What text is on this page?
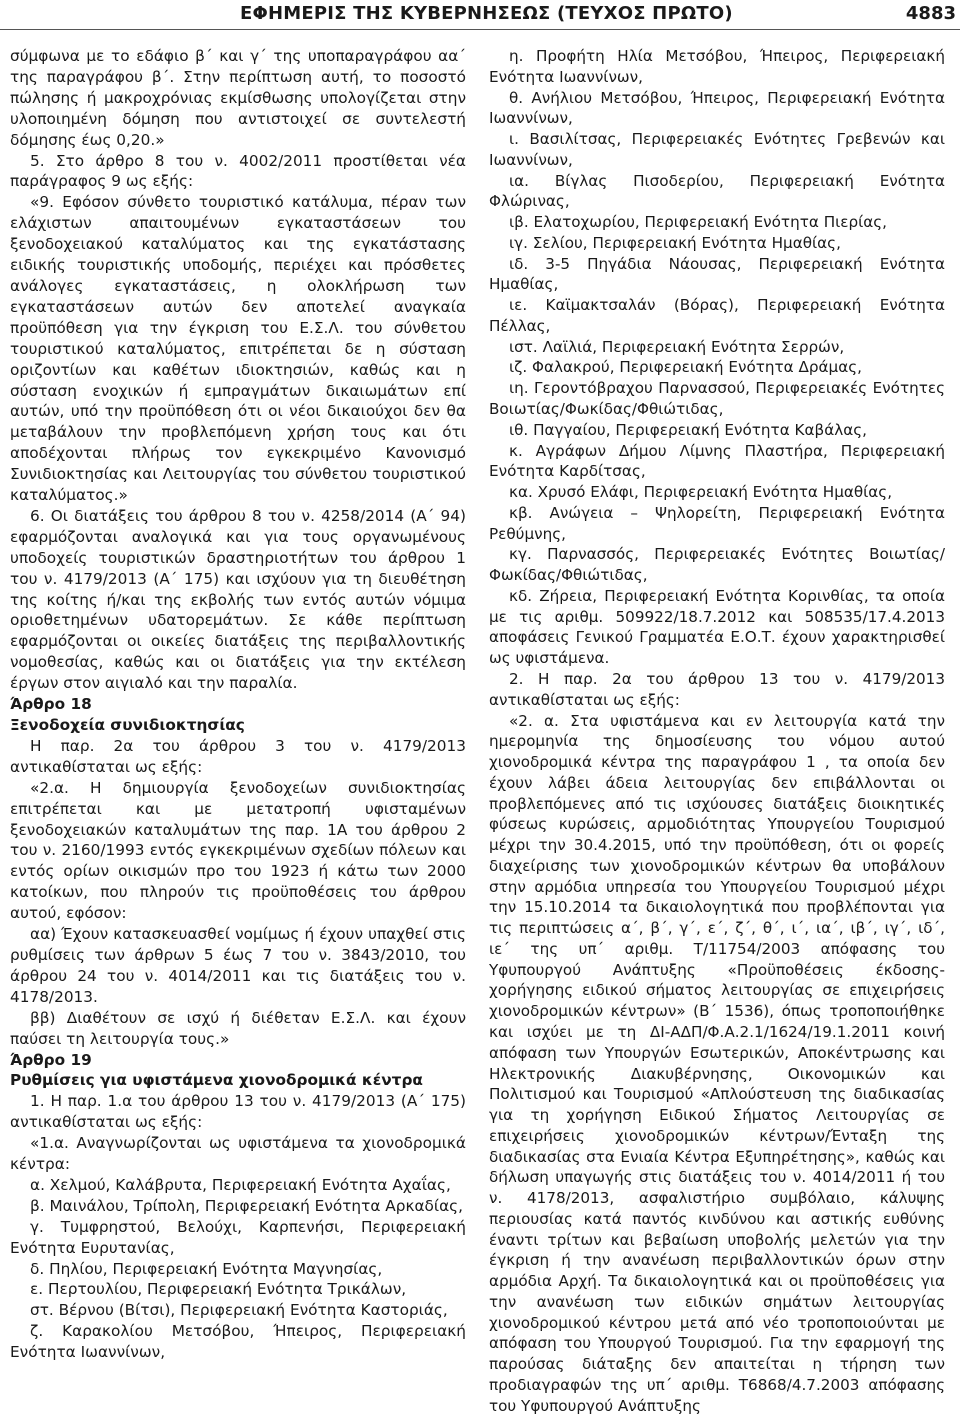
ΕΦΗΜΕΡΙΣ ΤΗΣ ΚΥΒΕΡΝΗΣΕΩΣ (ΤΕΥΧΟΣ ΠΡΩΤΟ)	4883

σύμφωνα με το εδάφιο β΄ και γ΄ της υποπαραγράφου αα΄ της παραγράφου β΄. Στην περίπτωση αυτή, το ποσοστό πώλησης ή μακροχρόνιας εκμίσθωσης υπολογίζεται στην υλοποιημένη δόμηση που αντιστοιχεί σε συντελεστή δόμησης έως 0,20.»

5. Στο άρθρο 8 του ν. 4002/2011 προστίθεται νέα παράγραφος 9 ως εξής:

«9. Εφόσον σύνθετο τουριστικό κατάλυμα, πέραν των ελάχιστων απαιτουμένων εγκαταστάσεων του ξενοδοχειακού καταλύματος και της εγκατάστασης ειδικής τουριστικής υποδομής, περιέχει και πρόσθετες ανάλογες εγκαταστάσεις, η ολοκλήρωση των εγκαταστάσεων αυτών δεν αποτελεί αναγκαία προϋπόθεση για την έγκριση του Ε.Σ.Λ. του σύνθετου τουριστικού καταλύματος, επιτρέπεται δε η σύσταση οριζοντίων και καθέτων ιδιοκτησιών, καθώς και η σύσταση ενοχικών ή εμπραγμάτων δικαιωμάτων επί αυτών, υπό την προϋπόθεση ότι οι νέοι δικαιούχοι δεν θα μεταβάλουν την προβλεπόμενη χρήση τους και ότι αποδέχονται πλήρως τον εγκεκριμένο Κανονισμό Συνιδιοκτησίας και Λειτουργίας του σύνθετου τουριστικού καταλύματος.»

6. Οι διατάξεις του άρθρου 8 του ν. 4258/2014 (Α΄ 94) εφαρμόζονται αναλογικά και για τους οργανωμένους υποδοχείς τουριστικών δραστηριοτήτων του άρθρου 1 του ν. 4179/2013 (Α΄ 175) και ισχύουν για τη διευθέτηση της κοίτης ή/και της εκβολής των εντός αυτών νόμιμα οριοθετημένων υδατορεμάτων. Σε κάθε περίπτωση εφαρμόζονται οι οικείες διατάξεις της περιβαλλοντικής νομοθεσίας, καθώς και οι διατάξεις για την εκτέλεση έργων στον αιγιαλό και την παραλία.

Άρθρο 18

Ξενοδοχεία συνιδιοκτησίας

Η παρ. 2α του άρθρου 3 του ν. 4179/2013 αντικαθίσταται ως εξής:

«2.α. Η δημιουργία ξενοδοχείων συνιδιοκτησίας επιτρέπεται και με μετατροπή υφισταμένων ξενοδοχειακών καταλυμάτων της παρ. 1Α του άρθρου 2 του ν. 2160/1993 εντός εγκεκριμένων σχεδίων πόλεων και εντός ορίων οικισμών προ του 1923 ή κάτω των 2000 κατοίκων, που πληρούν τις προϋποθέσεις του άρθρου αυτού, εφόσον:

αα) Έχουν κατασκευασθεί νομίμως ή έχουν υπαχθεί στις ρυθμίσεις των άρθρων 5 έως 7 του ν. 3843/2010, του άρθρου 24 του ν. 4014/2011 και τις διατάξεις του ν. 4178/2013.

ββ) Διαθέτουν σε ισχύ ή διέθεταν Ε.Σ.Λ. και έχουν παύσει τη λειτουργία τους.»

Άρθρο 19

Ρυθμίσεις για υφιστάμενα χιονοδρομικά κέντρα

1. Η παρ. 1.α του άρθρου 13 του ν. 4179/2013 (Α΄ 175) αντικαθίσταται ως εξής:

«1.α. Αναγνωρίζονται ως υφιστάμενα τα χιονοδρομικά κέντρα:

α. Χελμού, Καλάβρυτα, Περιφερειακή Ενότητα Αχαΐας,

β. Μαινάλου, Τρίπολη, Περιφερειακή Ενότητα Αρκαδίας,

γ. Τυμφρηστού, Βελούχι, Καρπενήσι, Περιφερειακή Ενότητα Ευρυτανίας,

δ. Πηλίου, Περιφερειακή Ενότητα Μαγνησίας,

ε. Περτουλίου, Περιφερειακή Ενότητα Τρικάλων,

στ. Βέρνου (Βίτσι), Περιφερειακή Ενότητα Καστοριάς,

ζ. Καρακολίου Μετσόβου, Ήπειρος, Περιφερειακή Ενότητα Ιωαννίνων,

η. Προφήτη Ηλία Μετσόβου, Ήπειρος, Περιφερειακή Ενότητα Ιωαννίνων,

θ. Ανήλιου Μετσόβου, Ήπειρος, Περιφερειακή Ενότητα Ιωαννίνων,

ι. Βασιλίτσας, Περιφερειακές Ενότητες Γρεβενών και Ιωαννίνων,

ια. Βίγλας Πισοδερίου, Περιφερειακή Ενότητα Φλώρινας,

ιβ. Ελατοχωρίου, Περιφερειακή Ενότητα Πιερίας,

ιγ. Σελίου, Περιφερειακή Ενότητα Ημαθίας,

ιδ. 3-5 Πηγάδια Νάουσας, Περιφερειακή Ενότητα Ημαθίας,

ιε. Καϊμακτσαλάν (Βόρας), Περιφερειακή Ενότητα Πέλλας,

ιστ. Λαϊλιά, Περιφερειακή Ενότητα Σερρών,

ιζ. Φαλακρού, Περιφερειακή Ενότητα Δράμας,

ιη. Γεροντόβραχου Παρνασσού, Περιφερειακές Ενότητες Βοιωτίας/Φωκίδας/Φθιώτιδας,

ιθ. Παγγαίου, Περιφερειακή Ενότητα Καβάλας,

κ. Αγράφων Δήμου Λίμνης Πλαστήρα, Περιφερειακή Ενότητα Καρδίτσας,

κα. Χρυσό Ελάφι, Περιφερειακή Ενότητα Ημαθίας,

κβ. Ανώγεια – Ψηλορείτη, Περιφερειακή Ενότητα Ρεθύμνης,

κγ. Παρνασσός, Περιφερειακές Ενότητες Βοιωτίας/Φωκίδας/Φθιώτιδας,

κδ. Ζήρεια, Περιφερειακή Ενότητα Κορινθίας, τα οποία με τις αριθμ. 509922/18.7.2012 και 508535/17.4.2013 αποφάσεις Γενικού Γραμματέα Ε.Ο.Τ. έχουν χαρακτηρισθεί ως υφιστάμενα.

2. Η παρ. 2α του άρθρου 13 του ν. 4179/2013 αντικαθίσταται ως εξής:

«2. α. Στα υφιστάμενα και εν λειτουργία κατά την ημερομηνία της δημοσίευσης του νόμου αυτού χιονοδρομικά κέντρα της παραγράφου 1 , τα οποία δεν έχουν λάβει άδεια λειτουργίας δεν επιβάλλονται οι προβλεπόμενες από τις ισχύουσες διατάξεις διοικητικές φύσεως κυρώσεις, αρμοδιότητας Υπουργείου Τουρισμού μέχρι την 30.4.2015, υπό την προϋπόθεση, ότι οι φορείς διαχείρισης των χιονοδρομικών κέντρων θα υποβάλουν στην αρμόδια υπηρεσία του Υπουργείου Τουρισμού μέχρι την 15.10.2014 τα δικαιολογητικά που προβλέπονται για τις περιπτώσεις α΄, β΄, γ΄, ε΄, ζ΄, θ΄, ι΄, ια΄, ιβ΄, ιγ΄, ιδ΄, ιε΄ της υπ΄ αριθμ. Τ/11754/2003 απόφασης του Υφυπουργού Ανάπτυξης «Προϋποθέσεις έκδοσης-χορήγησης ειδικού σήματος λειτουργίας σε επιχειρήσεις χιονοδρομικών κέντρων» (Β΄ 1536), όπως τροποποιήθηκε και ισχύει με τη ΔΙ-ΑΔΠ/Φ.Α.2.1/1624/19.1.2011 κοινή απόφαση των Υπουργών Εσωτερικών, Αποκέντρωσης και Ηλεκτρονικής Διακυβέρνησης, Οικονομικών και Πολιτισμού και Τουρισμού «Απλούστευση της διαδικασίας για τη χορήγηση Ειδικού Σήματος Λειτουργίας σε επιχειρήσεις χιονοδρομικών κέντρων/Ένταξη της διαδικασίας στα Ενιαία Κέντρα Εξυπηρέτησης», καθώς και δήλωση υπαγωγής στις διατάξεις του ν. 4014/2011 ή του ν. 4178/2013, ασφαλιστήριο συμβόλαιο, κάλυψης περιουσίας κατά παντός κινδύνου και αστικής ευθύνης έναντι τρίτων και βεβαίωση υποβολής μελετών για την έγκριση ή την ανανέωση περιβαλλοντικών όρων στην αρμόδια Αρχή. Τα δικαιολογητικά και οι προϋποθέσεις για την ανανέωση των ειδικών σημάτων λειτουργίας χιονοδρομικού κέντρου μετά από νέο τροποποιούνται με απόφαση του Υπουργού Τουρισμού. Για την εφαρμογή της παρούσας διάταξης δεν απαιτείται η τήρηση των προδιαγραφών της υπ΄ αριθμ. Τ6868/4.7.2003 απόφασης του Υφυπουργού Ανάπτυξης
